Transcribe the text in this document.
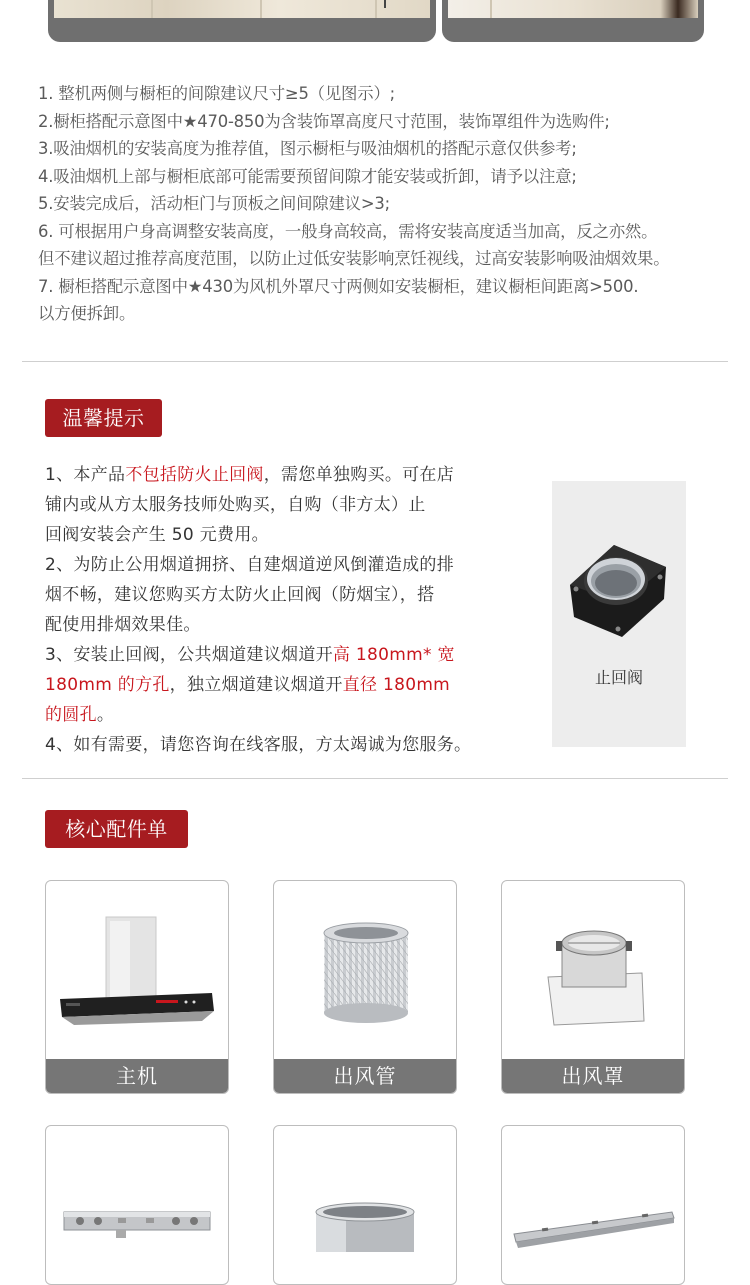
1. 整机两侧与橱柜的间隙建议尺寸≥5（见图示）;
2.橱柜搭配示意图中★470-850为含装饰罩高度尺寸范围，装饰罩组件为选购件;
3.吸油烟机的安装高度为推荐值，图示橱柜与吸油烟机的搭配示意仅供参考;
4.吸油烟机上部与橱柜底部可能需要预留间隙才能安装或折卸，请予以注意;
5.安装完成后，活动柜门与顶板之间间隙建议>3;
6. 可根据用户身高调整安装高度，一般身高较高，需将安装高度适当加高，反之亦然。
但不建议超过推荐高度范围，以防止过低安装影响烹饪视线，过高安装影响吸油烟效果。
7. 橱柜搭配示意图中★430为风机外罩尺寸两侧如安装橱柜，建议橱柜间距离>500.
以方便拆卸。
温馨提示
1、本产品不包括防火止回阀，需您单独购买。可在店
铺内或从方太服务技师处购买，自购（非方太）止
回阀安装会产生 50 元费用。
2、为防止公用烟道拥挤、自建烟道逆风倒灌造成的排
烟不畅，建议您购买方太防火止回阀（防烟宝），搭
配使用排烟效果佳。
3、安装止回阀，公共烟道建议烟道开高 180mm* 宽
180mm 的方孔，独立烟道建议烟道开直径 180mm
的圆孔。
4、如有需要，请您咨询在线客服，方太竭诚为您服务。
止回阀
核心配件单
主机	出风管	出风罩
